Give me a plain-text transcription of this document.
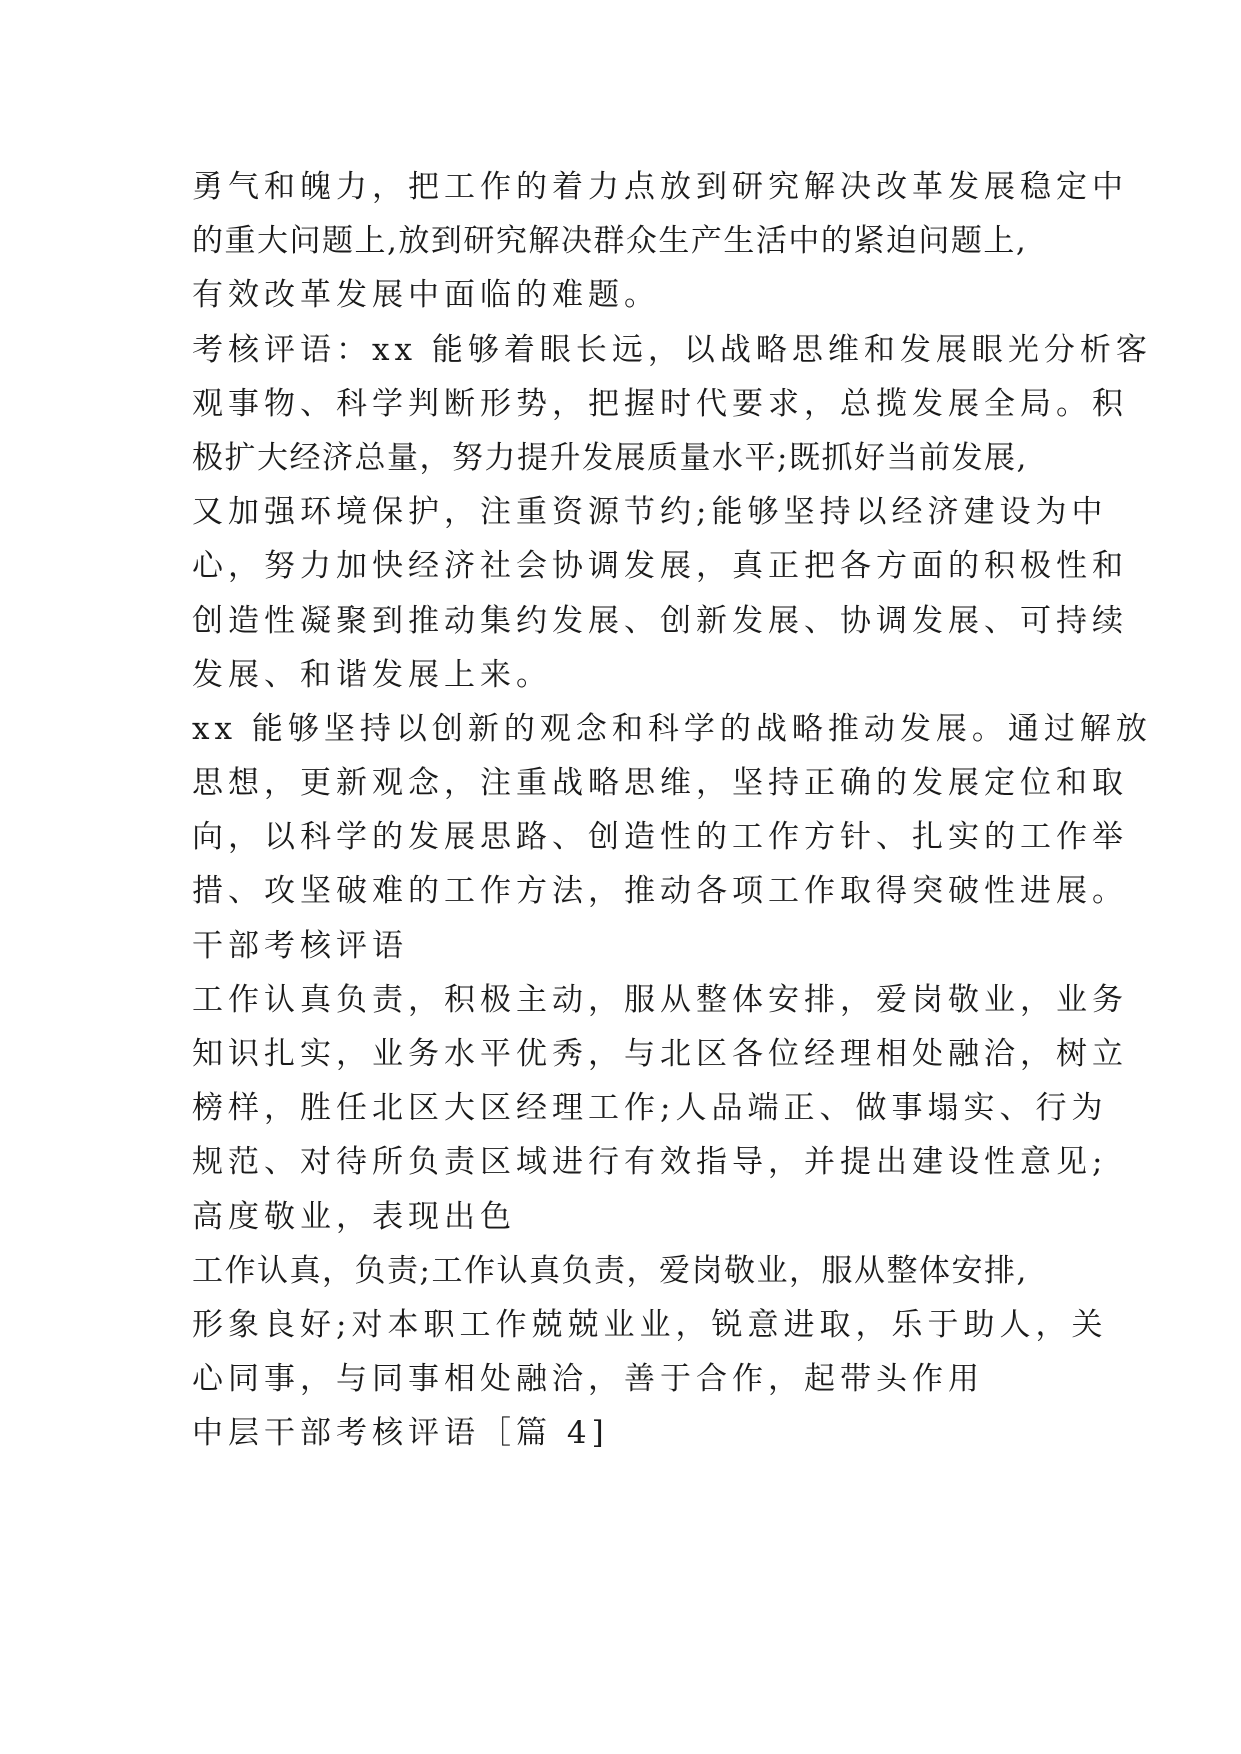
勇气和魄力，把工作的着力点放到研究解决改革发展稳定中
的重大问题上,放到研究解决群众生产生活中的紧迫问题上,
有效改革发展中面临的难题。
考核评语：xx 能够着眼长远，以战略思维和发展眼光分析客
观事物、科学判断形势，把握时代要求，总揽发展全局。积
极扩大经济总量，努力提升发展质量水平;既抓好当前发展,
又加强环境保护，注重资源节约;能够坚持以经济建设为中
心，努力加快经济社会协调发展，真正把各方面的积极性和
创造性凝聚到推动集约发展、创新发展、协调发展、可持续
发展、和谐发展上来。
xx 能够坚持以创新的观念和科学的战略推动发展。通过解放
思想，更新观念，注重战略思维，坚持正确的发展定位和取
向，以科学的发展思路、创造性的工作方针、扎实的工作举
措、攻坚破难的工作方法，推动各项工作取得突破性进展。
干部考核评语
工作认真负责，积极主动，服从整体安排，爱岗敬业，业务
知识扎实，业务水平优秀，与北区各位经理相处融洽，树立
榜样，胜任北区大区经理工作;人品端正、做事塌实、行为
规范、对待所负责区域进行有效指导，并提出建设性意见;
高度敬业，表现出色
工作认真，负责;工作认真负责，爱岗敬业，服从整体安排,
形象良好;对本职工作兢兢业业，锐意进取，乐于助人，关
心同事，与同事相处融洽，善于合作，起带头作用
中层干部考核评语［篇 4]
